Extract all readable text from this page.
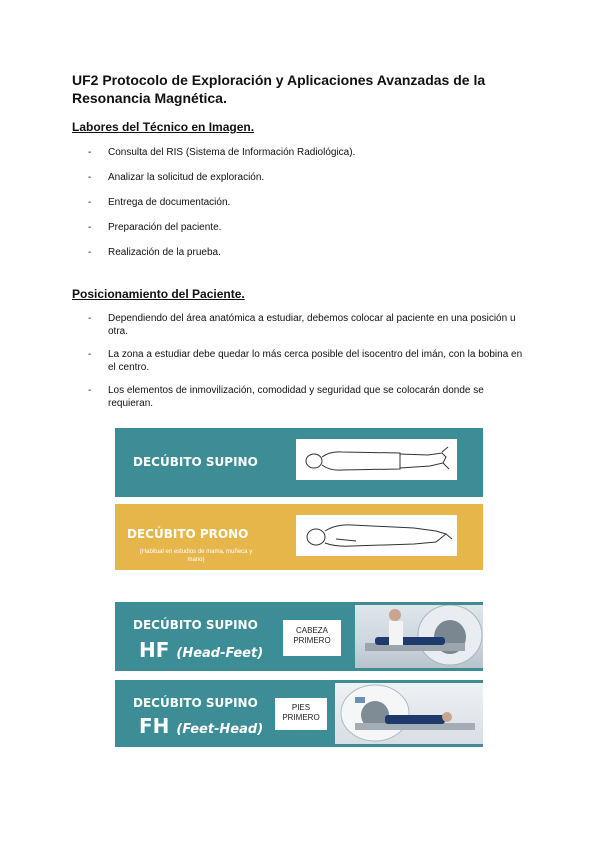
UF2 Protocolo de Exploración y Aplicaciones Avanzadas de la Resonancia Magnética.
Labores del Técnico en Imagen.
- Consulta del RIS (Sistema de Información Radiológica).
- Analizar la solicitud de exploración.
- Entrega de documentación.
- Preparación del paciente.
- Realización de la prueba.
Posicionamiento del Paciente.
- Dependiendo del área anatómica a estudiar, debemos colocar al paciente en una posición u otra.
- La zona a estudiar debe quedar lo más cerca posible del isocentro del imán, con la bobina en el centro.
- Los elementos de inmovilización, comodidad y seguridad que se colocarán donde se requieran.
DECÚBITO SUPINO
DECÚBITO PRONO
(Habitual en estudios de mama, muñeca y mano)
DECÚBITO SUPINO
HF (Head-Feet)
CABEZA PRIMERO
DECÚBITO SUPINO
FH (Feet-Head)
PIES PRIMERO
